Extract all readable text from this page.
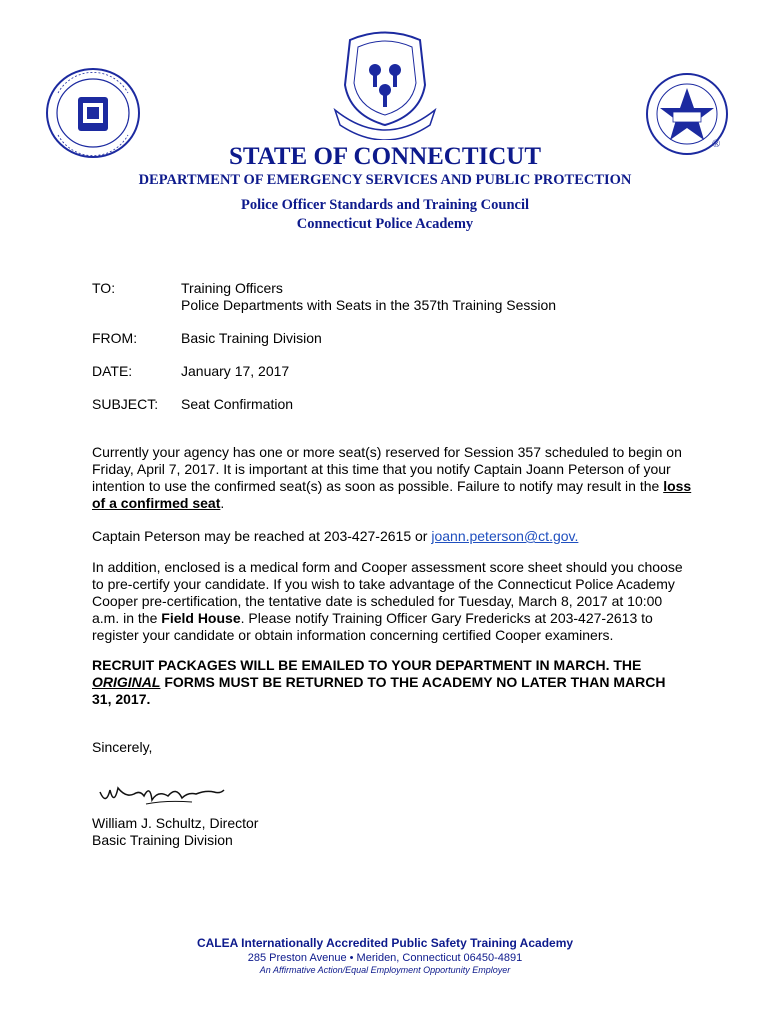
®
STATE OF CONNECTICUT
DEPARTMENT OF EMERGENCY SERVICES AND PUBLIC PROTECTION
Police Officer Standards and Training Council
Connecticut Police Academy
TO:	Training Officers
Police Departments with Seats in the 357th Training Session
FROM:	Basic Training Division
DATE:	January 17, 2017
SUBJECT: Seat Confirmation
Currently your agency has one or more seat(s) reserved for Session 357 scheduled to begin on Friday, April 7, 2017. It is important at this time that you notify Captain Joann Peterson of your intention to use the confirmed seat(s) as soon as possible. Failure to notify may result in the loss of a confirmed seat.
Captain Peterson may be reached at 203-427-2615 or joann.peterson@ct.gov.
In addition, enclosed is a medical form and Cooper assessment score sheet should you choose to pre-certify your candidate. If you wish to take advantage of the Connecticut Police Academy Cooper pre-certification, the tentative date is scheduled for Tuesday, March 8, 2017 at 10:00 a.m. in the Field House. Please notify Training Officer Gary Fredericks at 203-427-2613 to register your candidate or obtain information concerning certified Cooper examiners.
RECRUIT PACKAGES WILL BE EMAILED TO YOUR DEPARTMENT IN MARCH. THE
ORIGINAL FORMS MUST BE RETURNED TO THE ACADEMY NO LATER THAN MARCH
31, 2017.
Sincerely,
William J. Schultz, Director
Basic Training Division
CALEA Internationally Accredited Public Safety Training Academy
285 Preston Avenue • Meriden, Connecticut 06450-4891
An Affirmative Action/Equal Employment Opportunity Employer
